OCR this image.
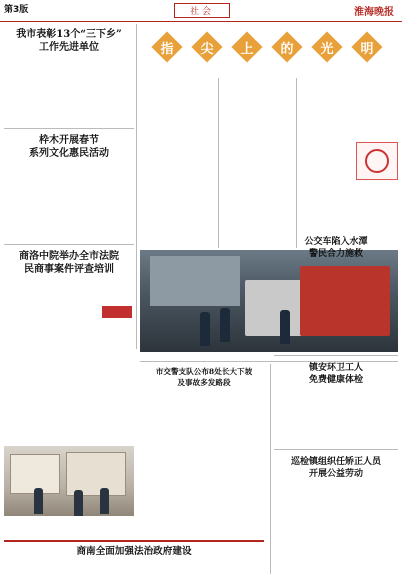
第3版	社会	淮海晚报
我市表彰13个“三下乡”
工作先进单位
枠木开展春节
系列文化惠民活动
商洛中院举办全市法院
民商事案件评查培训
指	尖	上	的	光	明
市交警支队公布8处长大下坡
及事故多发路段
公交车陷入水潭
警民合力施救
镇安环卫工人
免费健康体检
巡检镇组织任矫正人员
开展公益劳动
商南全面加强法治政府建设
